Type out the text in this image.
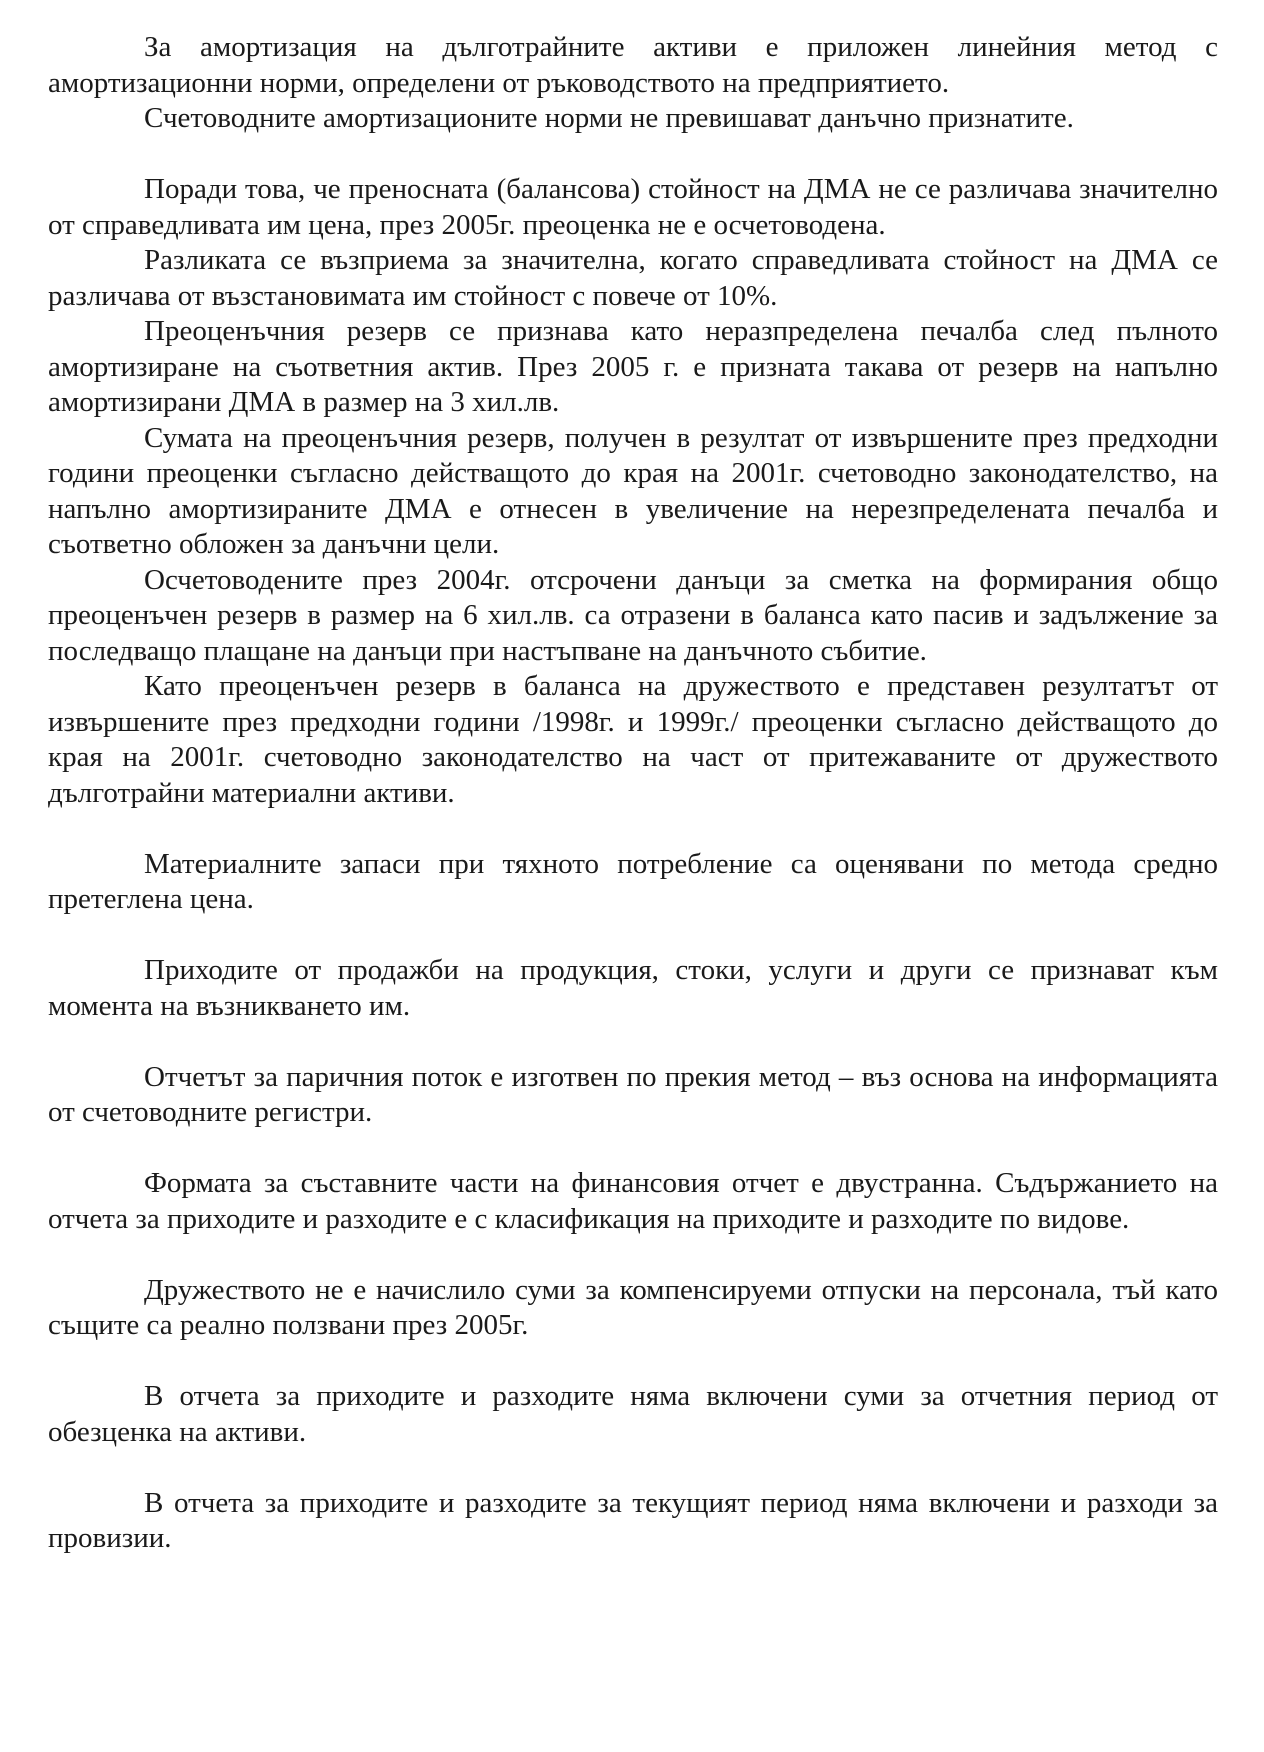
За амортизация на дълготрайните активи е приложен линейния метод с амортизационни норми, определени от ръководството на предприятието.

Счетоводните амортизационите норми не превишават данъчно признатите.

Поради това, че преносната (балансова) стойност на ДМА не се различава значително от справедливата им цена, през 2005г. преоценка не е осчетоводена.

Разликата се възприема за значителна, когато справедливата стойност на ДМА се различава от възстановимата им стойност с повече от 10%.

Преоценъчния резерв се признава като неразпределена печалба след пълното амортизиране на съответния актив. През 2005 г. е призната такава от резерв на напълно амортизирани ДМА в размер на 3 хил.лв.

Сумата на преоценъчния резерв, получен в резултат от извършените през предходни години преоценки съгласно действащото до края на 2001г. счетоводно законодателство, на напълно амортизираните ДМА е отнесен в увеличение на нерезпределената печалба и съответно обложен за данъчни цели.

Осчетоводените през 2004г. отсрочени данъци за сметка на формирания общо преоценъчен резерв в размер на 6 хил.лв. са отразени в баланса като пасив и задължение за последващо плащане на данъци при настъпване на данъчното събитие.

Като преоценъчен резерв в баланса на дружеството е представен резултатът от извършените през предходни години /1998г. и 1999г./ преоценки съгласно действащото до края на 2001г. счетоводно законодателство на част от притежаваните от дружеството дълготрайни материални активи.

Материалните запаси при тяхното потребление са оценявани по метода средно претеглена цена.

Приходите от продажби на продукция, стоки, услуги и други се признават към момента на възникването им.

Отчетът за паричния поток е изготвен по прекия метод – въз основа на информацията от счетоводните регистри.

Формата за съставните части на финансовия отчет е двустранна. Съдържанието на отчета за приходите и разходите е с класификация на приходите и разходите по видове.

Дружеството не е начислило суми за компенсируеми отпуски на персонала, тъй като същите са реално ползвани през 2005г.

В отчета за приходите и разходите няма включени суми за отчетния период от обезценка на активи.

В отчета за приходите и разходите за текущият период няма включени и разходи за провизии.
